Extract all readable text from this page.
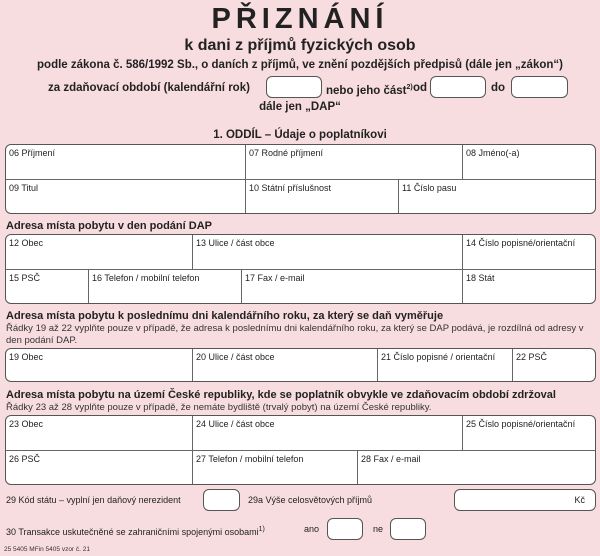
PŘIZNÁNÍ
k dani z příjmů fyzických osob
podle zákona č. 586/1992 Sb., o daních z příjmů, ve znění pozdějších předpisů (dále jen „zákon“)
za zdaňovací období (kalendářní rok)	nebo jeho část$^{2)}$ od	do
dále jen „DAP“
1. ODDÍL – Údaje o poplatníkovi
06 Příjmení	07 Rodné příjmení	08 Jméno(-a)
09 Titul	10 Státní příslušnost	11 Číslo pasu
Adresa místa pobytu v den podání DAP
12 Obec	13 Ulice / část obce	14 Číslo popisné/orientační
15 PSČ	16 Telefon / mobilní telefon	17 Fax / e-mail	18 Stát
Adresa místa pobytu k poslednímu dni kalendářního roku, za který se daň vyměřuje
Řádky 19 až 22 vyplňte pouze v případě, že adresa k poslednímu dni kalendářního roku, za který se DAP podává, je rozdílná od adresy v den podání DAP.
19 Obec	20 Ulice / část obce	21 Číslo popisné / orientační	22 PSČ
Adresa místa pobytu na území České republiky, kde se poplatník obvykle ve zdaňovacím období zdržoval
Řádky 23 až 28 vyplňte pouze v případě, že nemáte bydliště (trvalý pobyt) na území České republiky.
23 Obec	24 Ulice / část obce	25 Číslo popisné/orientační
26 PSČ	27 Telefon / mobilní telefon	28 Fax / e-mail
29 Kód státu – vyplní jen daňový nerezident	29a Výše celosvětových příjmů	Kč
30 Transakce uskutečněné se zahraničními spojenými osobami$^{1)}$	ano	ne
25 5405 MFin 5405 vzor č. 21
